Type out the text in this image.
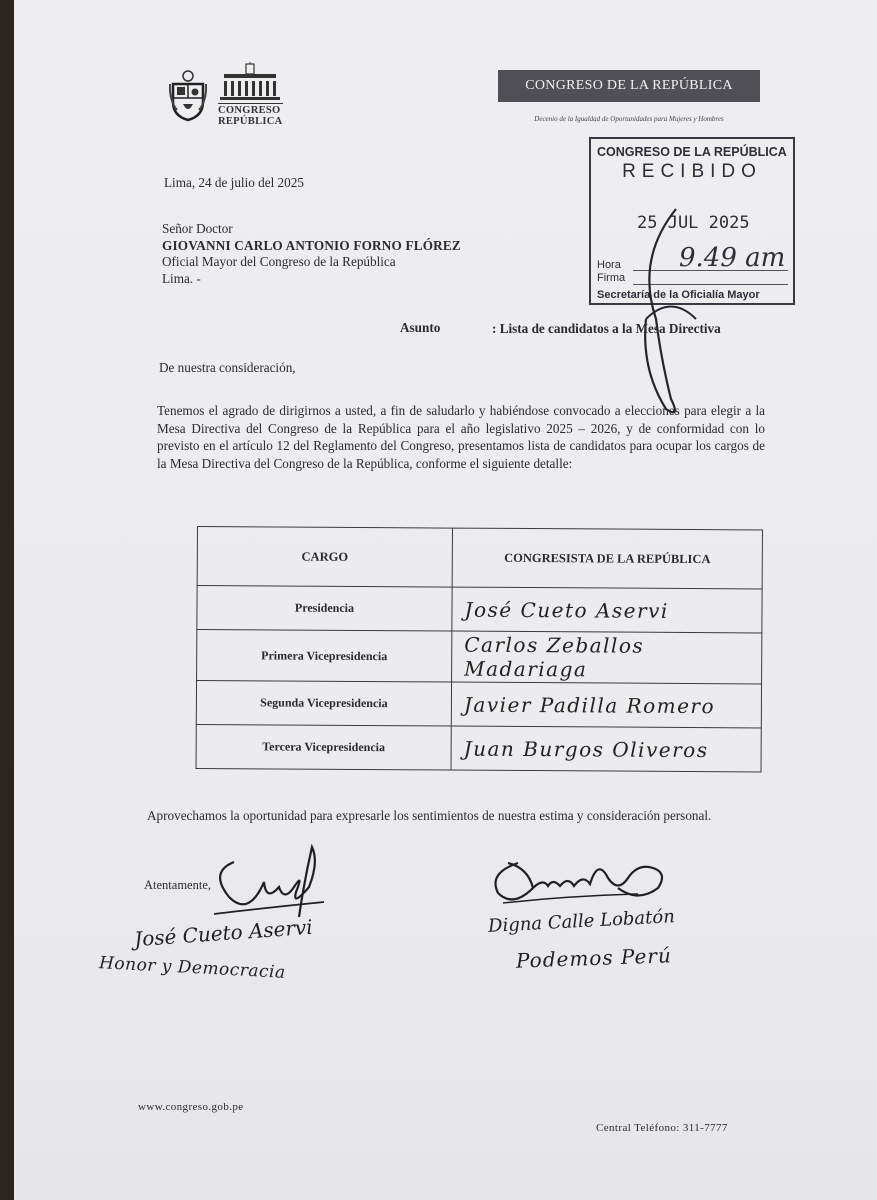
CONGRESO
REPÚBLICA
CONGRESO DE LA REPÚBLICA
Decenio de la Igualdad de Oportunidades para Mujeres y Hombres
CONGRESO DE LA REPÚBLICA
RECIBIDO
25 JUL 2025
9.49 am
Hora
Firma
Secretaría de la Oficialía Mayor
Lima, 24 de julio del 2025
Señor Doctor
GIOVANNI CARLO ANTONIO FORNO FLÓREZ
Oficial Mayor del Congreso de la República
Lima. -
Asunto	: Lista de candidatos a la Mesa Directiva
De nuestra consideración,
Tenemos el agrado de dirigirnos a usted, a fin de saludarlo y habiéndose convocado a elecciones para elegir a la Mesa Directiva del Congreso de la República para el año legislativo 2025 – 2026, y de conformidad con lo previsto en el artículo 12 del Reglamento del Congreso, presentamos lista de candidatos para ocupar los cargos de la Mesa Directiva del Congreso de la República, conforme el siguiente detalle:
CARGO	CONGRESISTA DE LA REPÚBLICA
Presidencia	José Cueto Aservi
Primera Vicepresidencia	Carlos Zeballos Madariaga
Segunda Vicepresidencia	Javier Padilla Romero
Tercera Vicepresidencia	Juan Burgos Oliveros
Aprovechamos la oportunidad para expresarle los sentimientos de nuestra estima y consideración personal.
Atentamente,
José Cueto Aservi
Honor y Democracia
Digna Calle Lobatón
Podemos Perú
www.congreso.gob.pe
Central Teléfono: 311-7777
